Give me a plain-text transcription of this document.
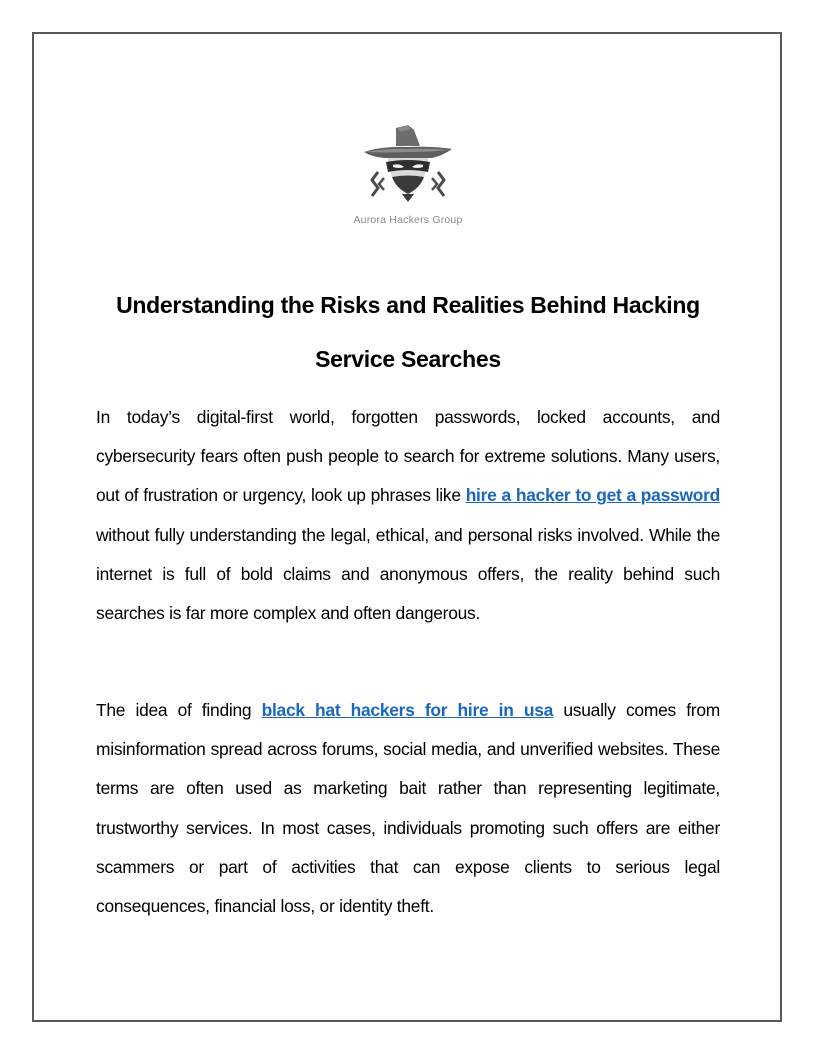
Aurora Hackers Group
Understanding the Risks and Realities Behind Hacking Service Searches

In today’s digital-first world, forgotten passwords, locked accounts, and cybersecurity fears often push people to search for extreme solutions. Many users, out of frustration or urgency, look up phrases like hire a hacker to get a password without fully understanding the legal, ethical, and personal risks involved. While the internet is full of bold claims and anonymous offers, the reality behind such searches is far more complex and often dangerous.

The idea of finding black hat hackers for hire in usa usually comes from misinformation spread across forums, social media, and unverified websites. These terms are often used as marketing bait rather than representing legitimate, trustworthy services. In most cases, individuals promoting such offers are either scammers or part of activities that can expose clients to serious legal consequences, financial loss, or identity theft.
